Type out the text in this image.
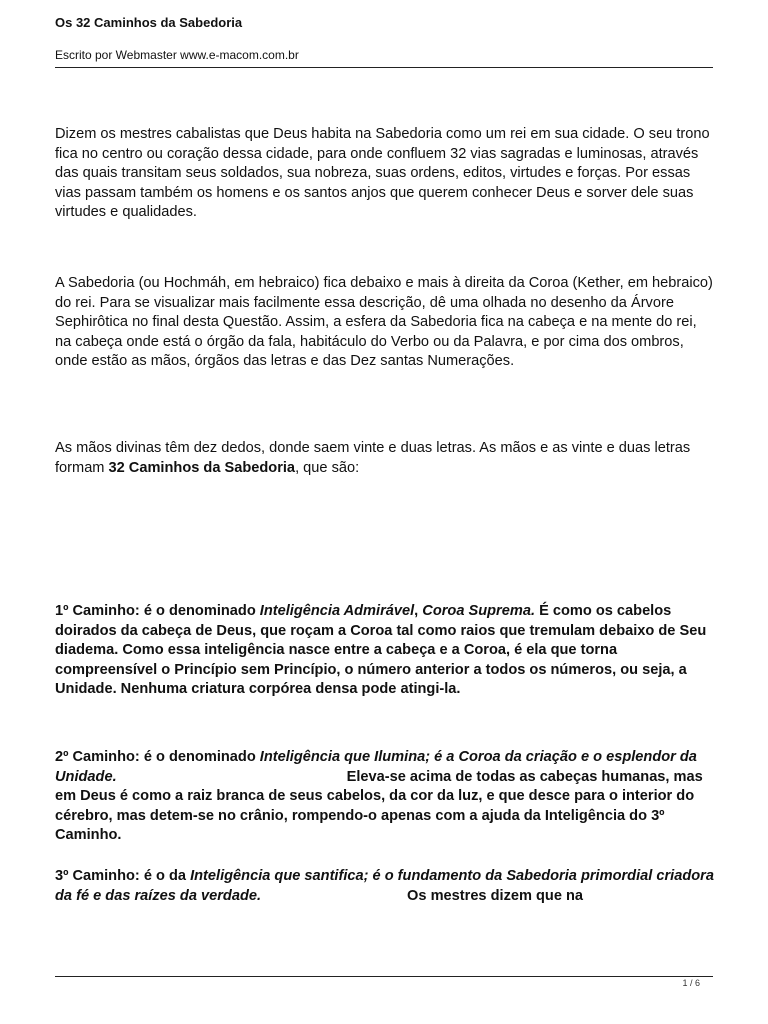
Os 32 Caminhos da Sabedoria
Escrito por Webmaster www.e-macom.com.br

Dizem os mestres cabalistas que Deus habita na Sabedoria como um rei em sua cidade. O seu trono fica no centro ou coração dessa cidade, para onde confluem 32 vias sagradas e luminosas, através das quais transitam seus soldados, sua nobreza, suas ordens, editos, virtudes e forças. Por essas vias passam também os homens e os santos anjos que querem conhecer Deus e sorver dele suas virtudes e qualidades.

A Sabedoria (ou Hochmáh, em hebraico) fica debaixo e mais à direita da Coroa (Kether, em hebraico) do rei. Para se visualizar mais facilmente essa descrição, dê uma olhada no desenho da Árvore Sephirôtica no final desta Questão. Assim, a esfera da Sabedoria fica na cabeça e na mente do rei, na cabeça onde está o órgão da fala, habitáculo do Verbo ou da Palavra, e por cima dos ombros, onde estão as mãos, órgãos das letras e das Dez santas Numerações.

As mãos divinas têm dez dedos, donde saem vinte e duas letras. As mãos e as vinte e duas letras formam 32 Caminhos da Sabedoria, que são:

1º Caminho: é o denominado Inteligência Admirável, Coroa Suprema. É como os cabelos doirados da cabeça de Deus, que roçam a Coroa tal como raios que tremulam debaixo de Seu diadema. Como essa inteligência nasce entre a cabeça e a Coroa, é ela que torna compreensível o Princípio sem Princípio, o número anterior a todos os números, ou seja, a Unidade. Nenhuma criatura corpórea densa pode atingi-la.

2º Caminho: é o denominado Inteligência que Ilumina; é a Coroa da criação e o esplendor da Unidade.	Eleva-se acima de todas as cabeças humanas, mas em Deus é como a raiz branca de seus cabelos, da cor da luz, e que desce para o interior do cérebro, mas detem-se no crânio, rompendo-o apenas com a ajuda da Inteligência do 3º Caminho.

3º Caminho: é o da Inteligência que santifica; é o fundamento da Sabedoria primordial criadora da fé e das raízes da verdade.	Os mestres dizem que na

1 / 6
